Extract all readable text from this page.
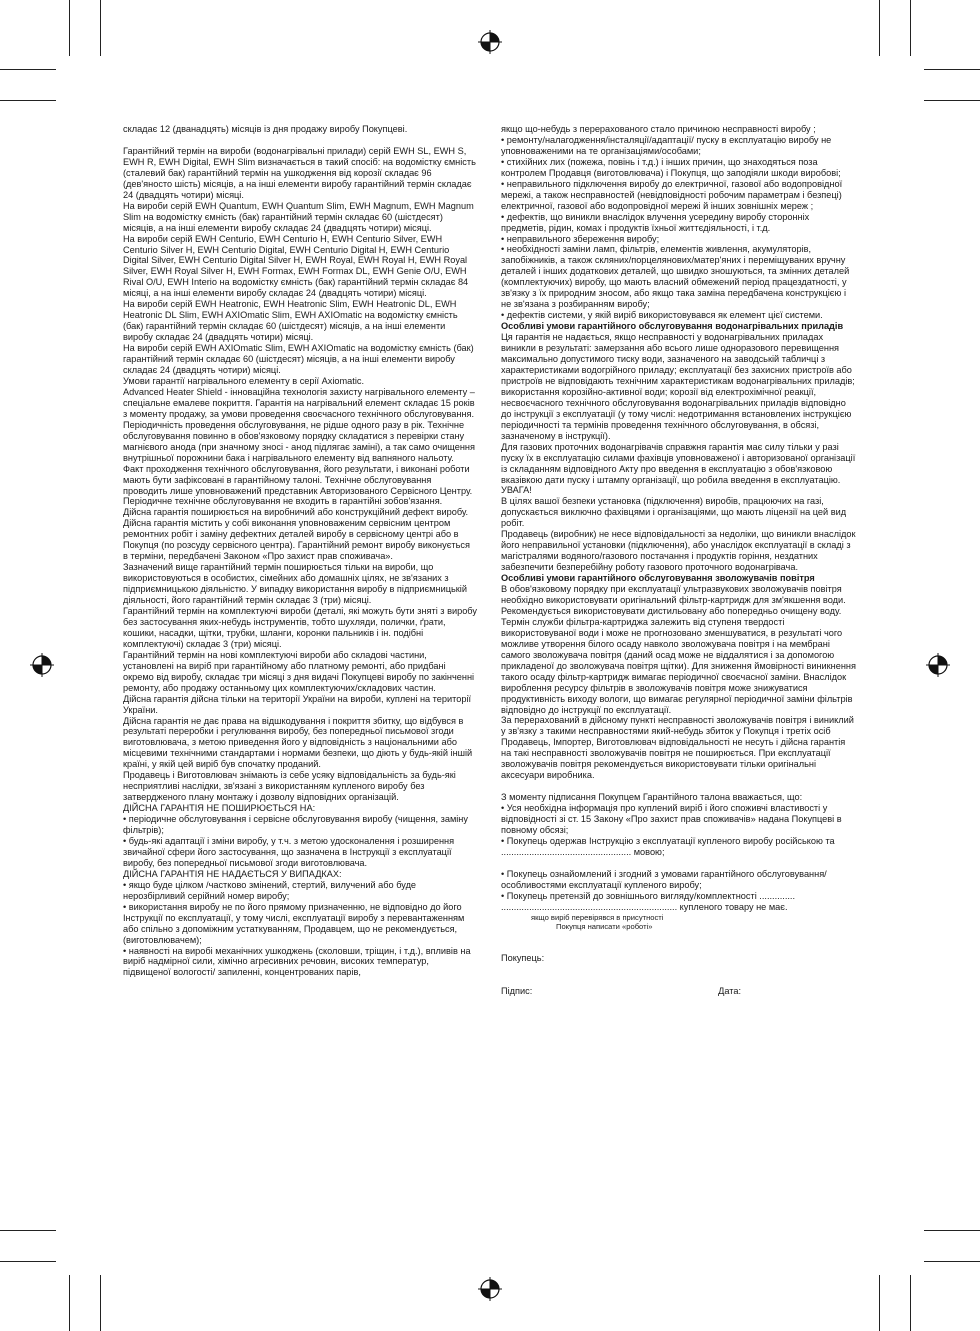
складає 12 (дванадцять) місяців із дня продажу виробу Покупцеві.

Гарантійний термін на вироби (водонагрівальні прилади) серій EWH SL, EWH S, EWH R, EWH Digital, EWH Slim визначається в такий спосіб: на водомістку ємність (сталевий бак) гарантійний термін на ушкодження від корозії складає 96 (дев'яносто шість) місяців, а на інші елементи виробу гарантійний термін складає 24 (двадцять чотири) місяці.

На вироби серій EWH Quantum, EWH Quantum Slim, EWH Magnum, EWH Magnum Slim на водомістку ємність (бак) гарантійний термін складає 60 (шістдесят) місяців, а на інші елементи виробу складає 24 (двадцять чотири) місяці.

На вироби серій EWH Centurio, EWH Centurio H, EWH Centurio Silver, EWH Centurio Silver H, EWH Centurio Digital, EWH Centurio Digital H, EWH Centurio Digital Silver, EWH Centurio Digital Silver H, EWH Royal, EWH Royal H, EWH Royal Silver, EWH Royal Silver H, EWH Formax, EWH Formax DL, EWH Genie O/U, EWH Rival O/U, EWH Interio на водомістку ємність (бак) гарантійний термін складає 84 місяці, а на інші елементи виробу складає 24 (двадцять чотири) місяці.

На вироби серій EWH Heatronic, EWH Heatronic Slim, EWH Heatronic DL, EWH Heatronic DL Slim, EWH AXIOmatic Slim, EWH AXIOmatic на водомістку ємність (бак) гарантійний термін складає 60 (шістдесят) місяців, а на інші елементи виробу складає 24 (двадцять чотири) місяці.

На вироби серій EWH AXIOmatic Slim, EWH AXIOmatic на водомістку ємність (бак) гарантійний термін складає 60 (шістдесят) місяців, а на інші елементи виробу складає 24 (двадцять чотири) місяці.

Умови гарантії нагрівального елементу в серії Axiomatic.

Advanced Heater Shield - інноваційна технологія захисту нагрівального елементу – спеціальне емалеве покриття. Гарантія на нагрівальний елемент складає 15 років з моменту продажу, за умови проведення своєчасного технічного обслуговування. Періодичність проведення обслуговування, не рідше одного разу в рік. Технічне обслуговування повинно в обов'язковому порядку складатися з перевірки стану магнієвого анода (при значному зносі - анод підлягає заміні), а так само очищення внутрішньої порожнини бака і нагрівального елементу від вапняного нальоту.

Факт проходження технічного обслуговування, його результати, і виконані роботи мають бути зафіксовані в гарантійному талоні. Технічне обслуговування проводить лише уповноважений представник Авторизованого Сервісного Центру. Періодичне технічне обслуговування не входить в гарантійні зобов'язання.

Дійсна гарантія поширюється на виробничий або конструкційний дефект виробу. Дійсна гарантія містить у собі виконання уповноваженим сервісним центром ремонтних робіт і заміну дефектних деталей виробу в сервісному центрі або в Покупця (по розсуду сервісного центра). Гарантійний ремонт виробу виконується в терміни, передбачені Законом «Про захист прав споживача».

Зазначений вище гарантійний термін поширюється тільки на вироби, що використовуються в особистих, сімейних або домашніх цілях, не зв'язаних з підприємницькою діяльністю. У випадку використання виробу в підприємницькій діяльності, його гарантійний термін складає 3 (три) місяці.

Гарантійний термін на комплектуючі вироби (деталі, які можуть бути зняті з виробу без застосування яких-небудь інструментів, тобто шухляди, полички, ґрати, кошики, насадки, щітки, трубки, шланги, коронки пальників і ін. подібні комплектуючі) складає 3 (три) місяці.

Гарантійний термін на нові комплектуючі вироби або складові частини, установлені на виріб при гарантійному або платному ремонті, або придбані окремо від виробу, складає три місяці з дня видачі Покупцеві виробу по закінченні ремонту, або продажу останньому цих комплектуючих/складових частин.

Дійсна гарантія дійсна тільки на території України на вироби, куплені на території України.

Дійсна гарантія не дає права на відшкодування і покриття збитку, що відбувся в результаті переробки і регулювання виробу, без попередньої письмової згоди виготовлювача, з метою приведення його у відповідність з національними або місцевими технічними стандартами і нормами безпеки, що діють у будь-якій іншій країні, у якій цей виріб був спочатку проданий.

Продавець і Виготовлювач знімають із себе усяку відповідальність за будь-які несприятливі наслідки, зв'язані з використанням купленого виробу без затвердженого плану монтажу і дозволу відповідних організацій.

ДІЙСНА ГАРАНТІЯ НЕ ПОШИРЮЄТЬСЯ НА:

• періодичне обслуговування і сервісне обслуговування виробу (чищення, заміну фільтрів);

• будь-які адаптації і зміни виробу, у т.ч. з метою удосконалення і розширення звичайної сфери його застосування, що зазначена в Інструкції з експлуатації виробу, без попередньої письмової згоди виготовлювача.

ДІЙСНА ГАРАНТІЯ НЕ НАДАЄТЬСЯ У ВИПАДКАХ:

• якщо буде цілком /частково змінений, стертий, вилучений або буде нерозбірливий серійний номер виробу;

• використання виробу не по його прямому призначенню, не відповідно до його Інструкції по експлуатації, у тому числі, експлуатації виробу з перевантаженням або спільно з допоміжним устаткуванням, Продавцем, що не рекомендується, (виготовлювачем);

• наявності на виробі механічних ушкоджень (сколовши, тріщин, і т.д.), впливів на виріб надмірної сили, хімічно агресивних речовин, високих температур, підвищеної вологості/ запиленні, концентрованих парів,

якщо що-небудь з перерахованого стало причиною несправності виробу ;

• ремонту/налагодження/інсталяції/адаптації/ пуску в експлуатацію виробу не уповноваженими на те організаціями/особами;

• стихійних лих (пожежа, повінь і т.д.) і інших причин, що знаходяться поза контролем Продавця (виготовлювача) і Покупця, що заподіяли шкоди виробові;

• неправильного підключення виробу до електричної, газової або водопровідної мережі, а також несправностей (невідповідності робочим параметрам і безпеці) електричної, газової або водопровідної мережі й інших зовнішніх мереж ;

• дефектів, що виникли внаслідок влучення усередину виробу сторонніх предметів, рідин, комах і продуктів їхньої життєдіяльності, і т.д.

• неправильного збереження виробу;

• необхідності заміни ламп, фільтрів, елементів живлення, акумуляторів, запобіжників, а також скляних/порцелянових/матер'яних і переміщуваних вручну деталей і інших додаткових деталей, що швидко зношуються, та змінних деталей (комплектуючих) виробу, що мають власний обмежений період працездатності, у зв'язку з їх природним зносом, або якщо така заміна передбачена конструкцією і не зв'язана з розбиранням виробу;

• дефектів системи, у якій виріб використовувався як елемент цієї системи.

Особливі умови гарантійного обслуговування водонагрівальних приладів

Ця гарантія не надається, якщо несправності у водонагрівальних приладах виникли в результаті: замерзання або всього лише одноразового перевищення максимально допустимого тиску води, зазначеного на заводській табличці з характеристиками водогрійного приладу; експлуатації без захисних пристроїв або пристроїв не відповідають технічним характеристикам водонагрівальних приладів; використання корозійно-активної води; корозії від електрохімічної реакції, несвоєчасного технічного обслуговування водонагрівальних приладів відповідно до інструкції з експлуатації (у тому числі: недотримання встановлених інструкцією періодичності та термінів проведення технічного обслуговування, в обсязі, зазначеному в інструкції).

Для газових проточних водонагрівачів справжня гарантія має силу тільки у разі пуску їх в експлуатацію силами фахівців уповноваженої і авторизованої організації із складанням відповідного Акту про введення в експлуатацію з обов'язковою вказівкою дати пуску і штампу організації, що робила введення в експлуатацію.

УВАГА!

В цілях вашої безпеки установка (підключення) виробів, працюючих на газі, допускається виключно фахівцями і організаціями, що мають ліцензії на цей вид робіт.

Продавець (виробник) не несе відповідальності за недоліки, що виникли внаслідок його неправильної установки (підключення), або унаслідок експлуатації в складі з магістралями водяного/газового постачання і продуктів горіння, нездатних забезпечити безперебійну роботу газового проточного водонагрівача.

Особливі умови гарантійного обслуговування зволожувачів повітря

В обов'язковому порядку при експлуатації ультразвукових зволожувачів повітря необхідно використовувати оригінальний фільтр-картридж для зм'якшення води. Рекомендується використовувати дистильовану або попередньо очищену воду. Термін служби фільтра-картриджа залежить від ступеня твердості використовуваної води і може не прогнозовано зменшуватися, в результаті чого можливе утворення білого осаду навколо зволожувача повітря і на мембрані самого зволожувача повітря (даний осад може не віддалятися і за допомогою прикладеної до зволожувача повітря щітки). Для зниження ймовірності виникнення такого осаду фільтр-картридж вимагає періодичної своєчасної заміни. Внаслідок вироблення ресурсу фільтрів в зволожувачів повітря може знижуватися продуктивність виходу вологи, що вимагає регулярної періодичної заміни фільтрів відповідно до інструкції по експлуатації.

За перерахований в дійсному пункті несправності зволожувачів повітря і виниклий у зв'язку з такими несправностями який-небудь збиток у Покупця і третіх осіб Продавець, Імпортер, Виготовлювач відповідальності не несуть і дійсна гарантія на такі несправності зволожувачів повітря не поширюється. При експлуатації зволожувачів повітря рекомендується використовувати тільки оригінальні аксесуари виробника.

З моменту підписання Покупцем Гарантійного талона вважається, що:

• Уся необхідна інформація про куплений виріб і його споживчі властивості у відповідності зі ст. 15 Закону «Про захист прав споживачів» надана Покупцеві в повному обсязі;

• Покупець одержав Інструкцію з експлуатації купленого виробу російською та ................................................... мовою;

• Покупець ознайомлений і згодний з умовами гарантійного обслуговування/особливостями експлуатації купленого виробу;

• Покупець претензій до зовнішнього вигляду/комплектності .............. ..................................................................... купленого товару не має.

якщо виріб перевірявся в присутності

Покупця написати «роботі»

Покупець:

Підпис:	Дата:
